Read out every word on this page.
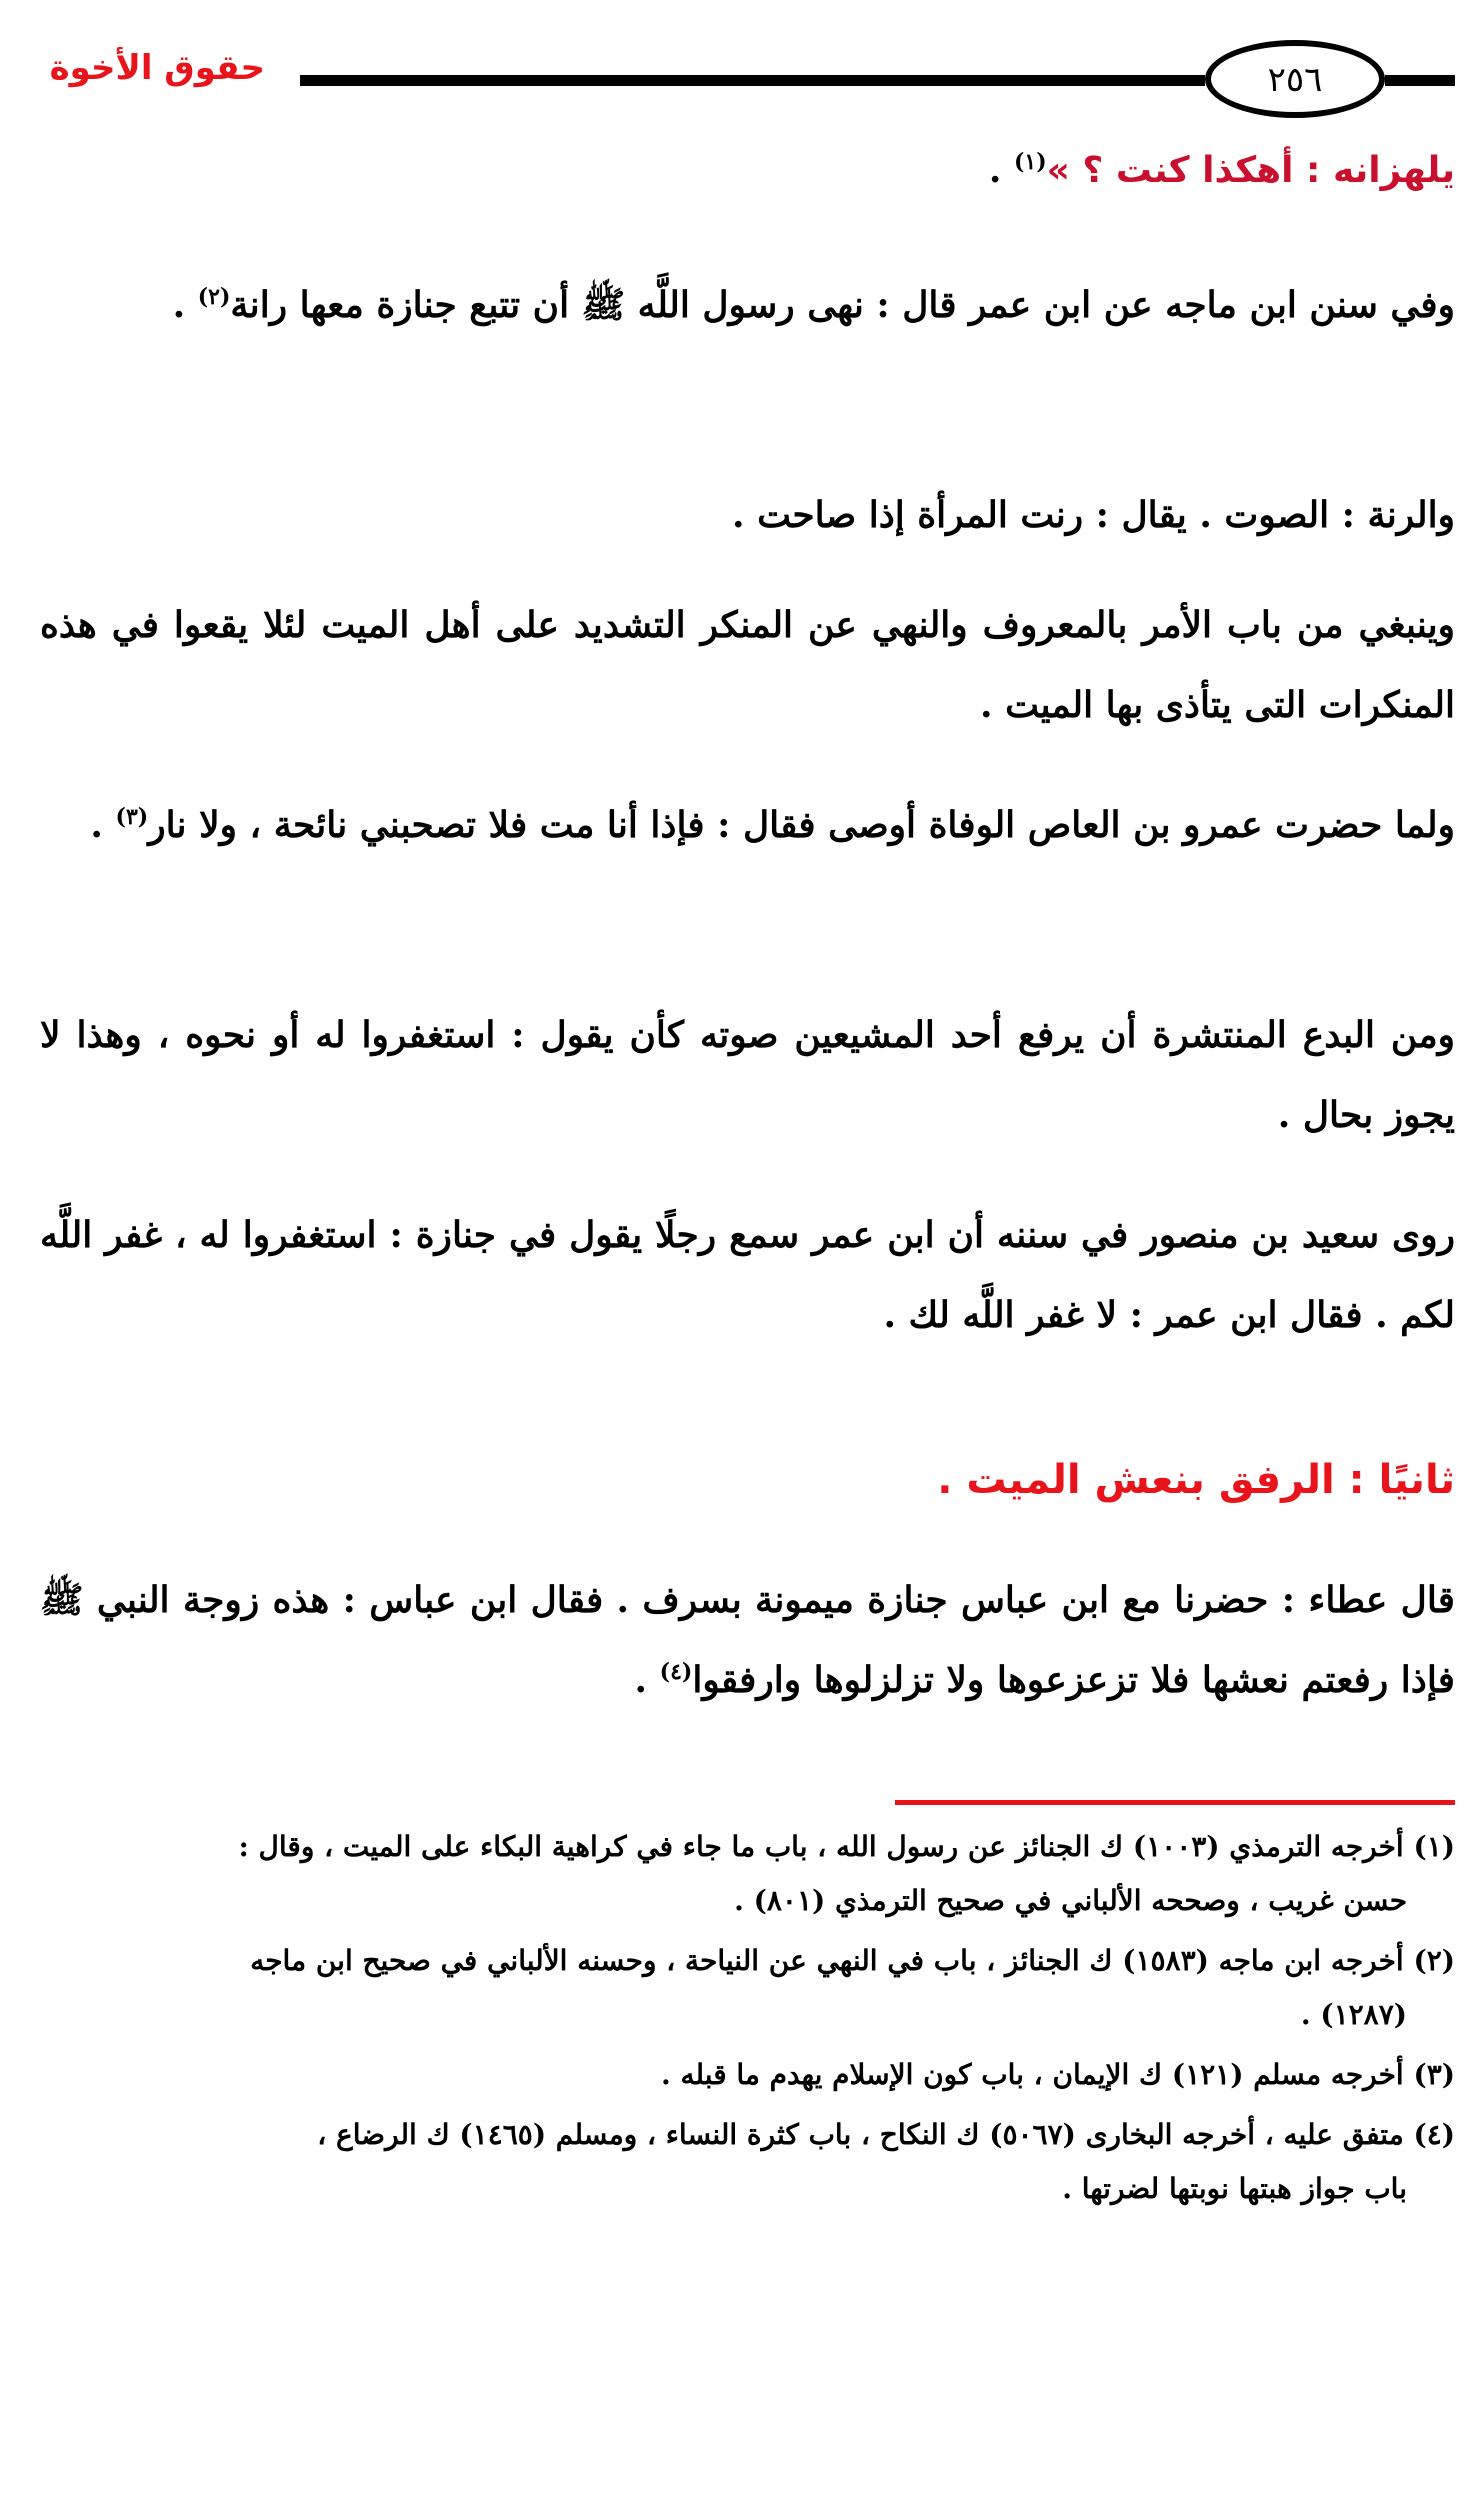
٢٥٦
حقوق الأخوة
يلهزانه : أهكذا كنت ؟ »$^{(١)}$ .
وفي سنن ابن ماجه عن ابن عمر قال : نهى رسول اللَّه ﷺ أن تتبع جنازة معها رانة$^{(٢)}$ .
والرنة : الصوت . يقال : رنت المرأة إذا صاحت .
وينبغي من باب الأمر بالمعروف والنهي عن المنكر التشديد على أهل الميت لئلا يقعوا في هذه المنكرات التى يتأذى بها الميت .
ولما حضرت عمرو بن العاص الوفاة أوصى فقال : فإذا أنا مت فلا تصحبني نائحة ، ولا نار$^{(٣)}$ .
ومن البدع المنتشرة أن يرفع أحد المشيعين صوته كأن يقول : استغفروا له أو نحوه ، وهذا لا يجوز بحال .
روى سعيد بن منصور في سننه أن ابن عمر سمع رجلًا يقول في جنازة : استغفروا له ، غفر اللَّه لكم . فقال ابن عمر : لا غفر اللَّه لك .
ثانيًا : الرفق بنعش الميت .
قال عطاء : حضرنا مع ابن عباس جنازة ميمونة بسرف . فقال ابن عباس : هذه زوجة النبي ﷺ فإذا رفعتم نعشها فلا تزعزعوها ولا تزلزلوها وارفقوا$^{(٤)}$ .
(١) أخرجه الترمذي (١٠٠٣) ك الجنائز عن رسول الله ، باب ما جاء في كراهية البكاء على الميت ، وقال :
حسن غريب ، وصححه الألباني في صحيح الترمذي (٨٠١) .
(٢) أخرجه ابن ماجه (١٥٨٣) ك الجنائز ، باب في النهي عن النياحة ، وحسنه الألباني في صحيح ابن ماجه
(١٢٨٧) .
(٣) أخرجه مسلم (١٢١) ك الإيمان ، باب كون الإسلام يهدم ما قبله .
(٤) متفق عليه ، أخرجه البخارى (٥٠٦٧) ك النكاح ، باب كثرة النساء ، ومسلم (١٤٦٥) ك الرضاع ،
باب جواز هبتها نوبتها لضرتها .
